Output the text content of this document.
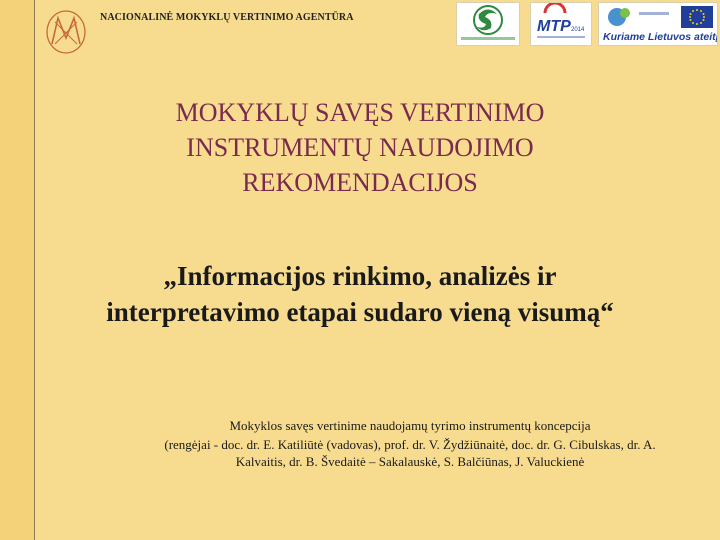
NACIONALINĖ MOKYKLŲ VERTINIMO AGENTŪRA
MTP 2014
Kuriame Lietuvos ateitį
MOKYKLŲ SAVĘS VERTINIMO
INSTRUMENTŲ NAUDOJIMO
REKOMENDACIJOS
„Informacijos rinkimo, analizės ir
interpretavimo etapai sudaro vieną visumą“
Mokyklos savęs vertinime naudojamų tyrimo instrumentų koncepcija
(rengėjai - doc. dr. E. Katiliūtė (vadovas), prof. dr. V. Žydžiūnaitė, doc. dr. G. Cibulskas, dr. A.
Kalvaitis, dr. B. Švedaitė – Sakalauskė, S. Balčiūnas, J. Valuckienė
